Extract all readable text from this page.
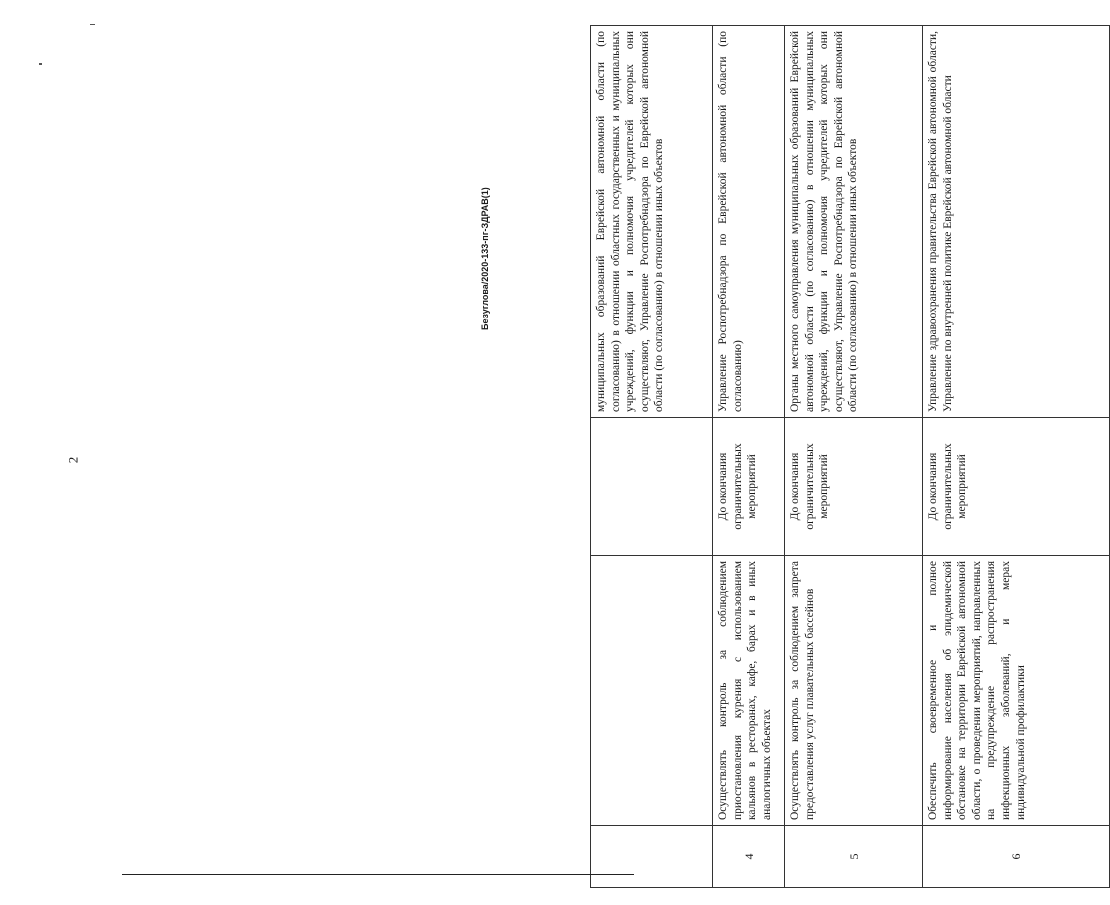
2
Безуглова/2020-133-пг-ЗДРАВ(1)
				муниципальных образований Еврейской автономной области (по согласованию) в отношении областных государственных и муниципальных учреждений, функции и полномочия учредителей которых они осуществляют, Управление Роспотребнадзора по Еврейской автономной области (по согласованию) в отношении иных объектов
4	Осуществлять контроль за соблюдением приостановления курения с использованием кальянов в ресторанах, кафе, барах и в иных аналогичных объектах	До окончания ограничительных мероприятий	Управление Роспотребнадзора по Еврейской автономной области (по согласованию)
5	Осуществлять контроль за соблюдением запрета предоставления услуг плавательных бассейнов	До окончания ограничительных мероприятий	Органы местного самоуправления муниципальных образований Еврейской автономной области (по согласованию) в отношении муниципальных учреждений, функции и полномочия учредителей которых они осуществляют, Управление Роспотребнадзора по Еврейской автономной области (по согласованию) в отношении иных объектов
6	Обеспечить своевременное и полное информирование населения об эпидемической обстановке на территории Еврейской автономной области, о проведении мероприятий, направленных на предупреждение распространения инфекционных заболеваний, и мерах индивидуальной профилактики	До окончания ограничительных мероприятий	Управление здравоохранения правительства Еврейской автономной области, Управление по внутренней политике Еврейской автономной области
